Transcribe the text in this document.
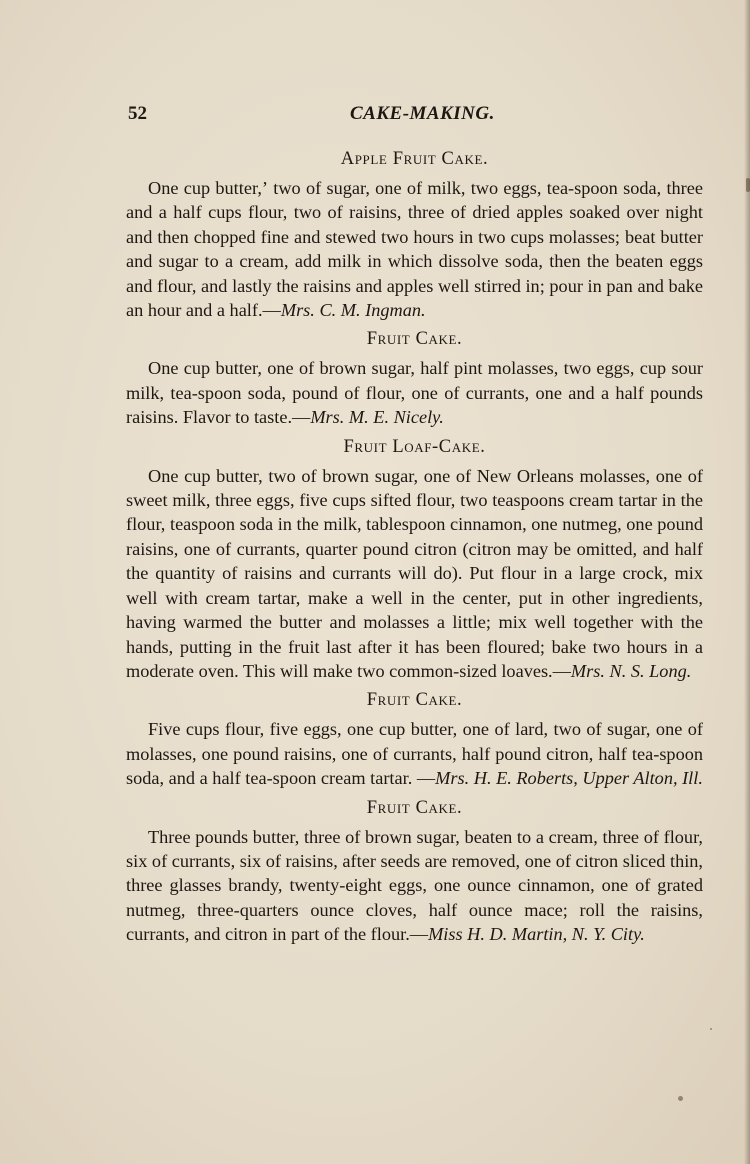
52	CAKE-MAKING.
Apple Fruit Cake.

One cup butter,ʼ two of sugar, one of milk, two eggs, tea-spoon soda, three and a half cups flour, two of raisins, three of dried apples soaked over night and then chopped fine and stewed two hours in two cups molasses; beat butter and sugar to a cream, add milk in which dissolve soda, then the beaten eggs and flour, and lastly the raisins and apples well stirred in; pour in pan and bake an hour and a half.—Mrs. C. M. Ingman.

Fruit Cake.

One cup butter, one of brown sugar, half pint molasses, two eggs, cup sour milk, tea-spoon soda, pound of flour, one of currants, one and a half pounds raisins. Flavor to taste.—Mrs. M. E. Nicely.

Fruit Loaf-Cake.

One cup butter, two of brown sugar, one of New Orleans molasses, one of sweet milk, three eggs, five cups sifted flour, two teaspoons cream tartar in the flour, teaspoon soda in the milk, tablespoon cinnamon, one nutmeg, one pound raisins, one of currants, quarter pound citron (citron may be omitted, and half the quantity of raisins and currants will do). Put flour in a large crock, mix well with cream tartar, make a well in the center, put in other ingredients, having warmed the butter and molasses a little; mix well together with the hands, putting in the fruit last after it has been floured; bake two hours in a moderate oven. This will make two common-sized loaves.—Mrs. N. S. Long.

Fruit Cake.

Five cups flour, five eggs, one cup butter, one of lard, two of sugar, one of molasses, one pound raisins, one of currants, half pound citron, half tea-spoon soda, and a half tea-spoon cream tartar. —Mrs. H. E. Roberts, Upper Alton, Ill.

Fruit Cake.

Three pounds butter, three of brown sugar, beaten to a cream, three of flour, six of currants, six of raisins, after seeds are removed, one of citron sliced thin, three glasses brandy, twenty-eight eggs, one ounce cinnamon, one of grated nutmeg, three-quarters ounce cloves, half ounce mace; roll the raisins, currants, and citron in part of the flour.—Miss H. D. Martin, N. Y. City.
